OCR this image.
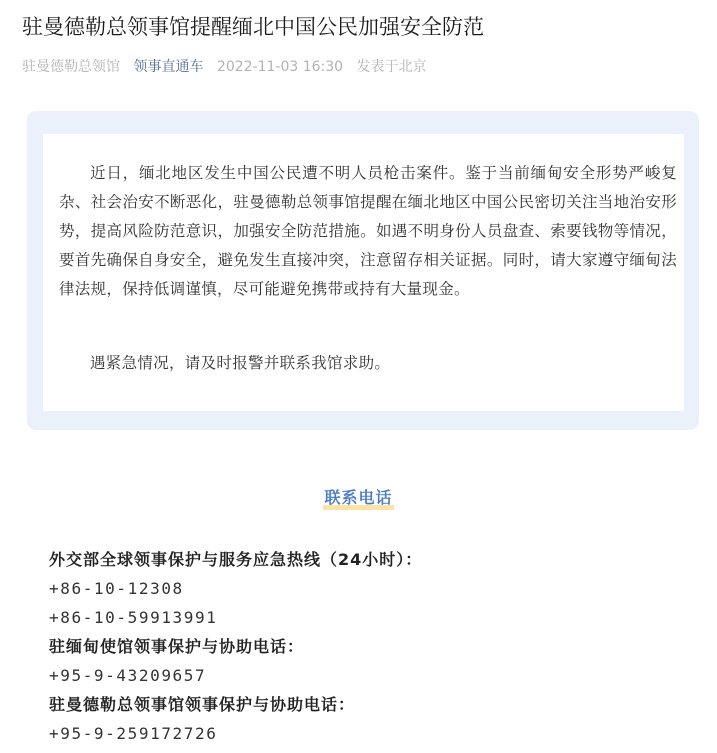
驻曼德勒总领事馆提醒缅北中国公民加强安全防范
驻曼德勒总领馆 领事直通车 2022-11-03 16:30 发表于北京

近日，缅北地区发生中国公民遭不明人员枪击案件。鉴于当前缅甸安全形势严峻复杂、社会治安不断恶化，驻曼德勒总领事馆提醒在缅北地区中国公民密切关注当地治安形势，提高风险防范意识，加强安全防范措施。如遇不明身份人员盘查、索要钱物等情况，要首先确保自身安全，避免发生直接冲突，注意留存相关证据。同时，请大家遵守缅甸法律法规，保持低调谨慎，尽可能避免携带或持有大量现金。

遇紧急情况，请及时报警并联系我馆求助。

联系电话
外交部全球领事保护与服务应急热线（24小时）：
+86-10-12308
+86-10-59913991
驻缅甸使馆领事保护与协助电话：
+95-9-43209657
驻曼德勒总领事馆领事保护与协助电话：
+95-9-259172726
